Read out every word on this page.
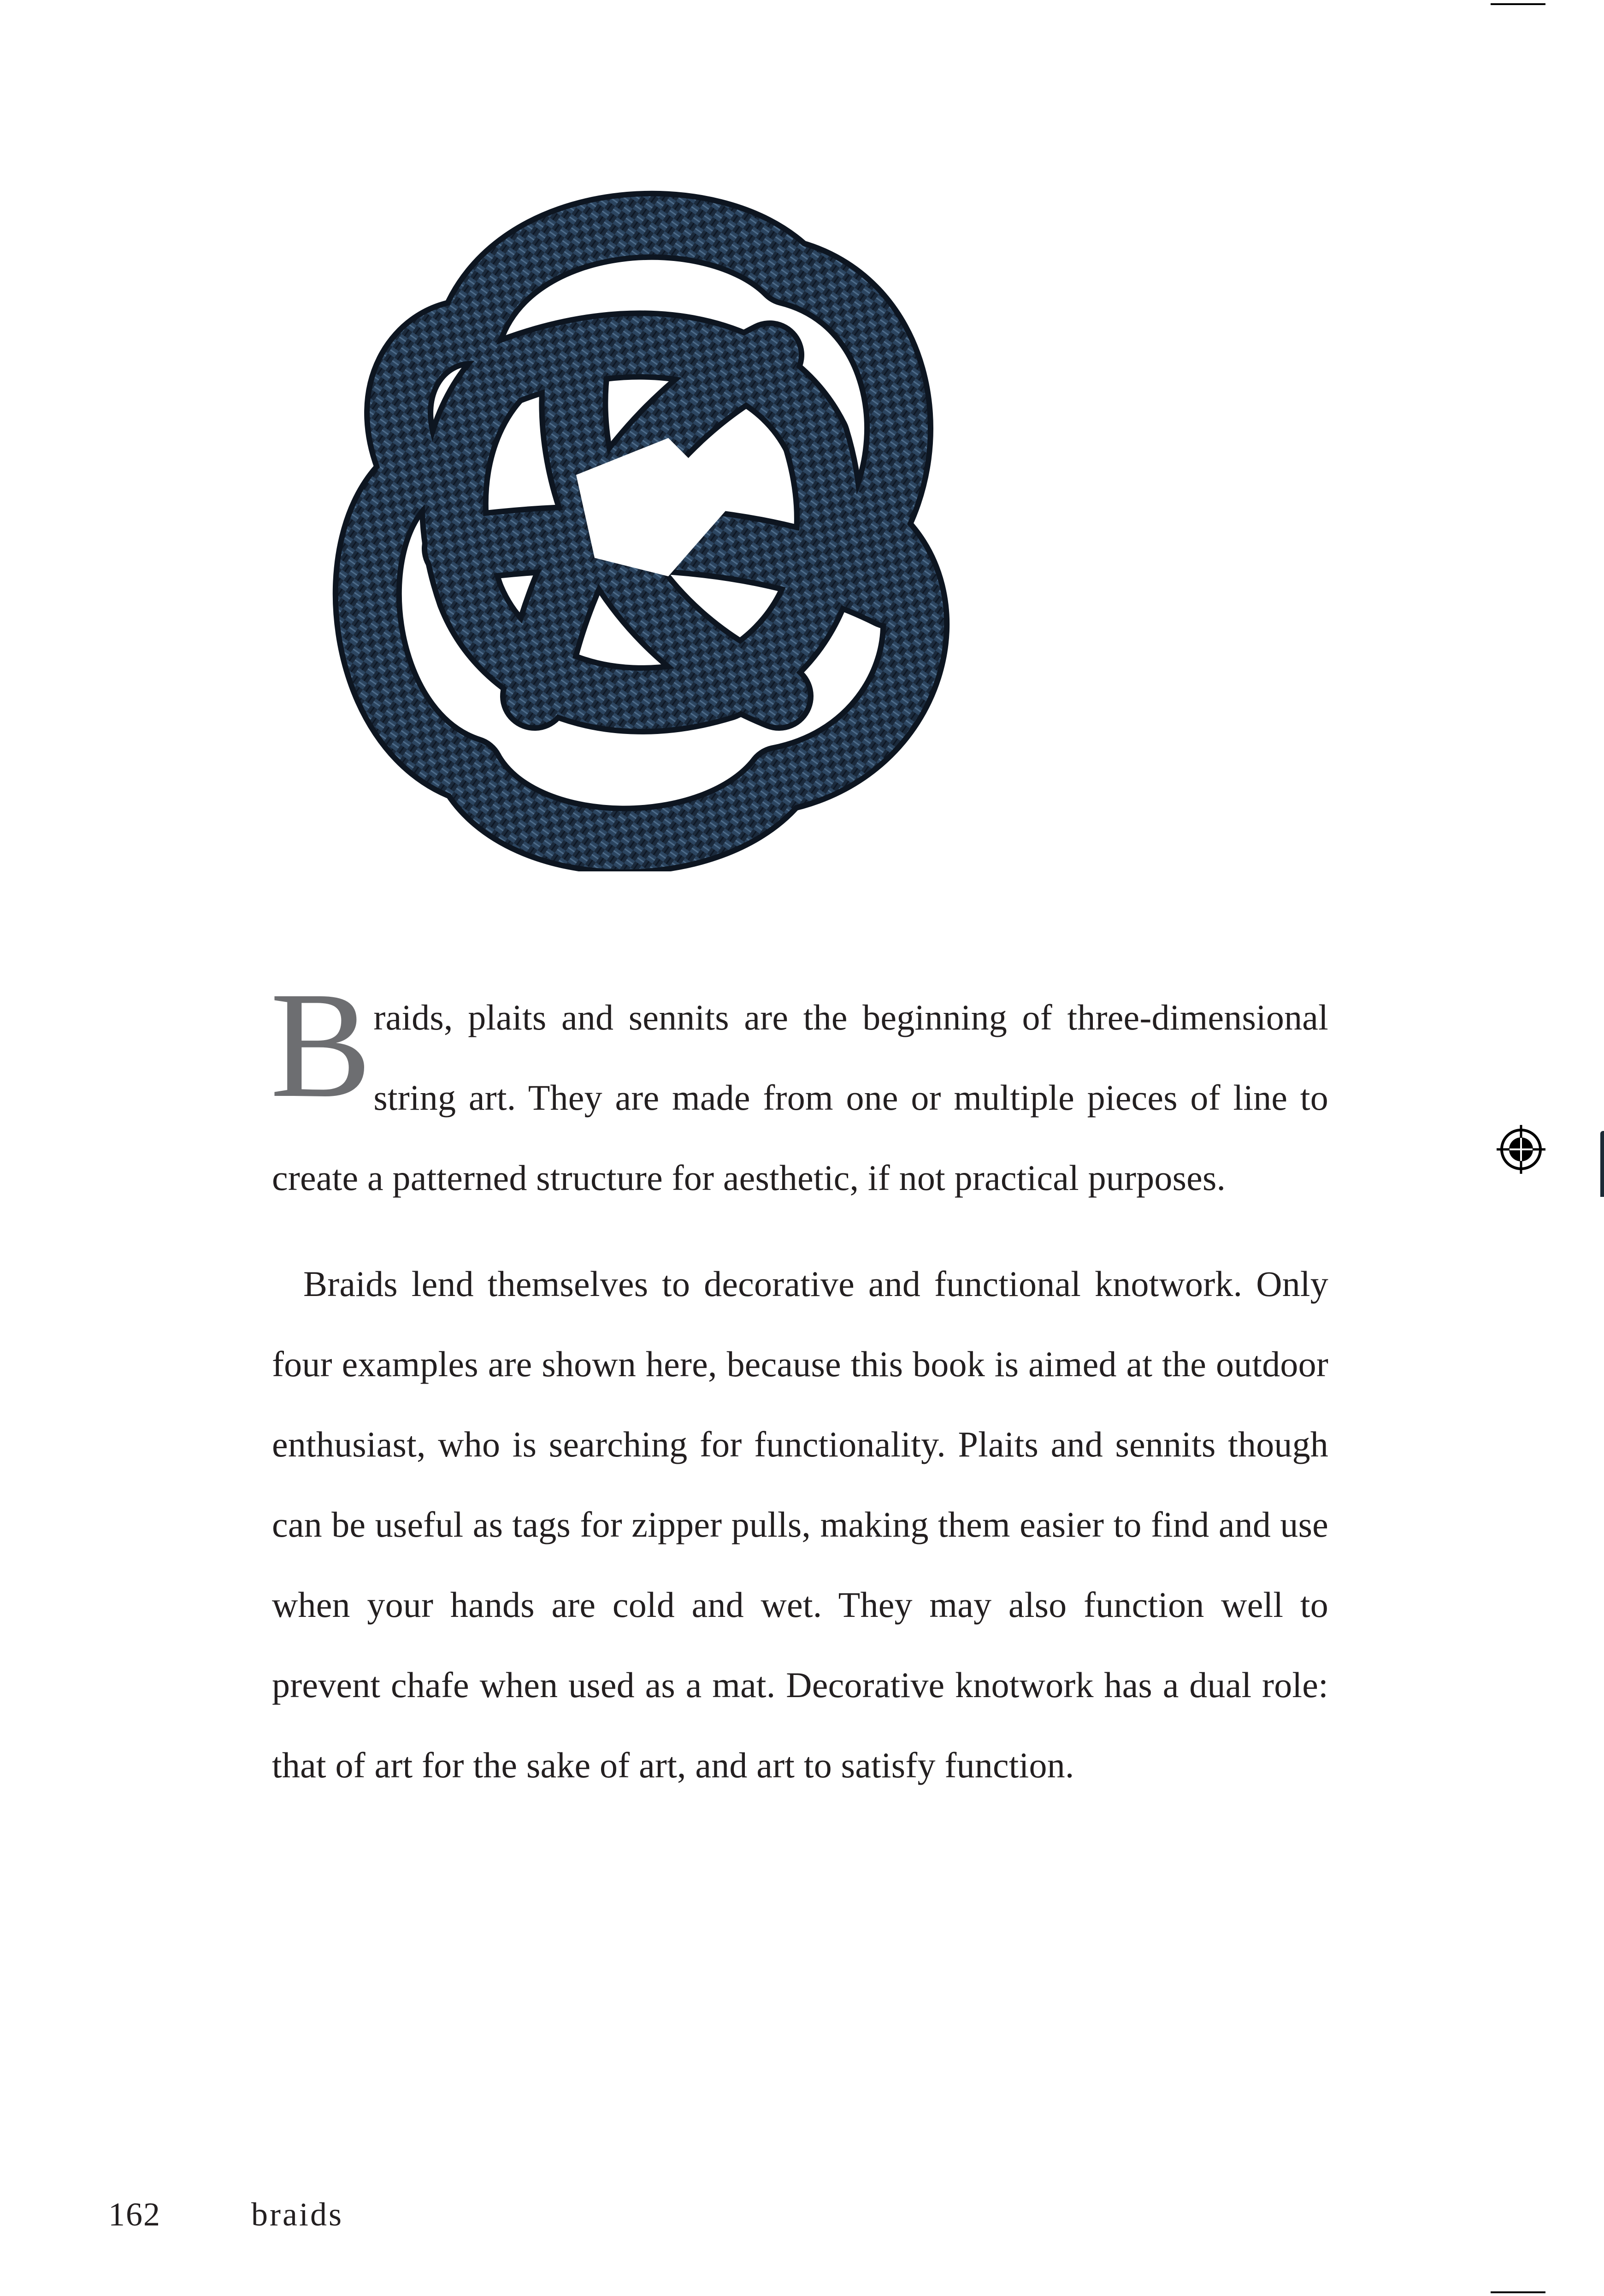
Braids, plaits and sennits are the beginning of three-dimensional string art. They are made from one or multiple pieces of line to create a patterned structure for aesthetic, if not practical purposes.

Braids lend themselves to decorative and functional knotwork. Only four examples are shown here, because this book is aimed at the outdoor enthusiast, who is searching for functionality. Plaits and sennits though can be useful as tags for zipper pulls, making them easier to find and use when your hands are cold and wet. They may also function well to prevent chafe when used as a mat. Decorative knotwork has a dual role: that of art for the sake of art, and art to satisfy function.

162	braids
